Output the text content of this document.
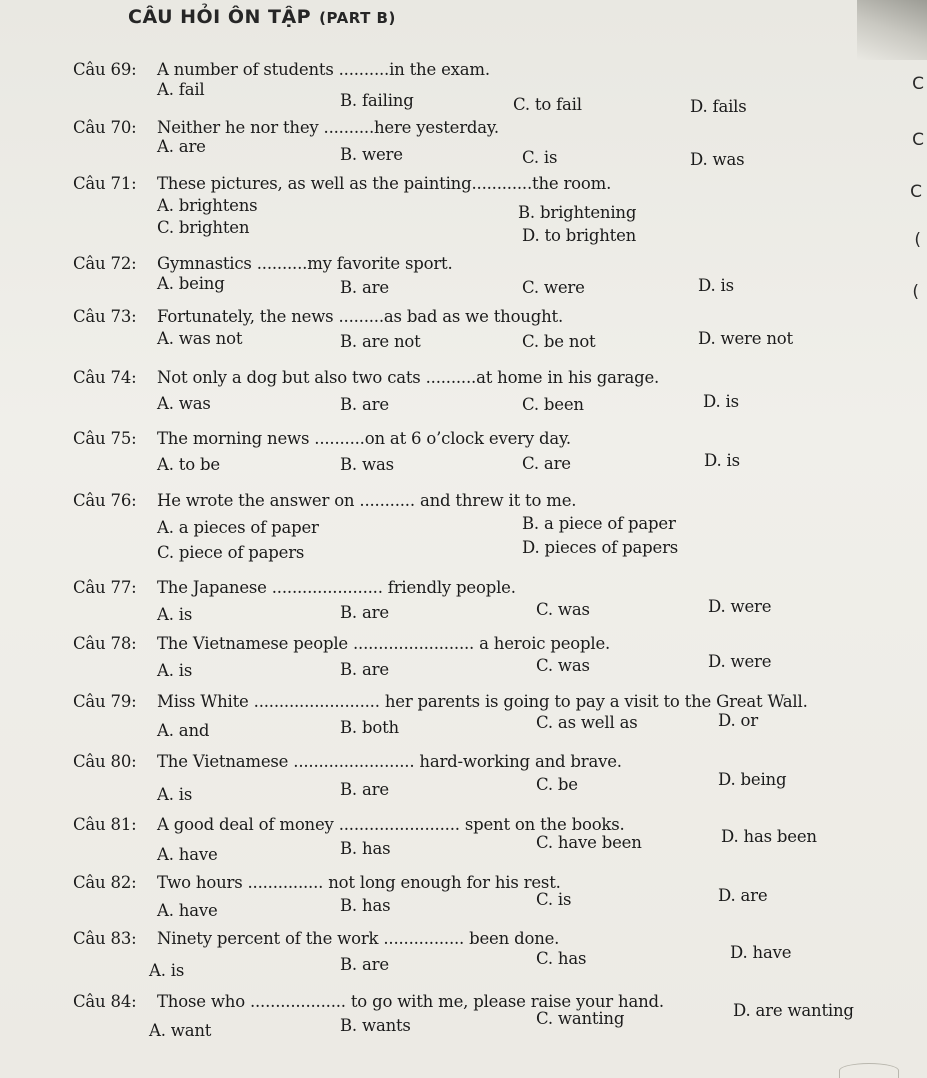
CÂU HỎI ÔN TẬP (PART B)
C
C
C
(
(
Câu 69: A number of students ..........in the exam.
A. fail
B. failing	C. to fail	D. fails
Câu 70: Neither he nor they ..........here yesterday.
A. are	B. were	C. is	D. was
Câu 71: These pictures, as well as the painting............the room.
A. brightens	B. brightening
C. brighten	D. to brighten
Câu 72: Gymnastics ..........my favorite sport.
A. being	B. are	C. were	D. is
Câu 73: Fortunately, the news .........as bad as we thought.
A. was not	B. are not	C. be not	D. were not
Câu 74: Not only a dog but also two cats ..........at home in his garage.
A. was	B. are	C. been	D. is
Câu 75: The morning news ..........on at 6 o’clock every day.
A. to be	B. was	C. are	D. is
Câu 76: He wrote the answer on ........... and threw it to me.
A. a pieces of paper	B. a piece of paper
C. piece of papers	D. pieces of papers
Câu 77: The Japanese ...................... friendly people.
A. is	B. are	C. was	D. were
Câu 78: The Vietnamese people ........................ a heroic people.
A. is	B. are	C. was	D. were
Câu 79: Miss White ......................... her parents is going to pay a visit to the Great Wall.
A. and	B. both	C. as well as	D. or
Câu 80: The Vietnamese ........................ hard-working and brave.
A. is	B. are	C. be	D. being
Câu 81: A good deal of money ........................ spent on the books.
A. have	B. has	C. have been	D. has been
Câu 82: Two hours ............... not long enough for his rest.
A. have	B. has	C. is	D. are
Câu 83: Ninety percent of the work ................ been done.
A. is	B. are	C. has	D. have
Câu 84: Those who ................... to go with me, please raise your hand.
A. want	B. wants	C. wanting	D. are wanting
